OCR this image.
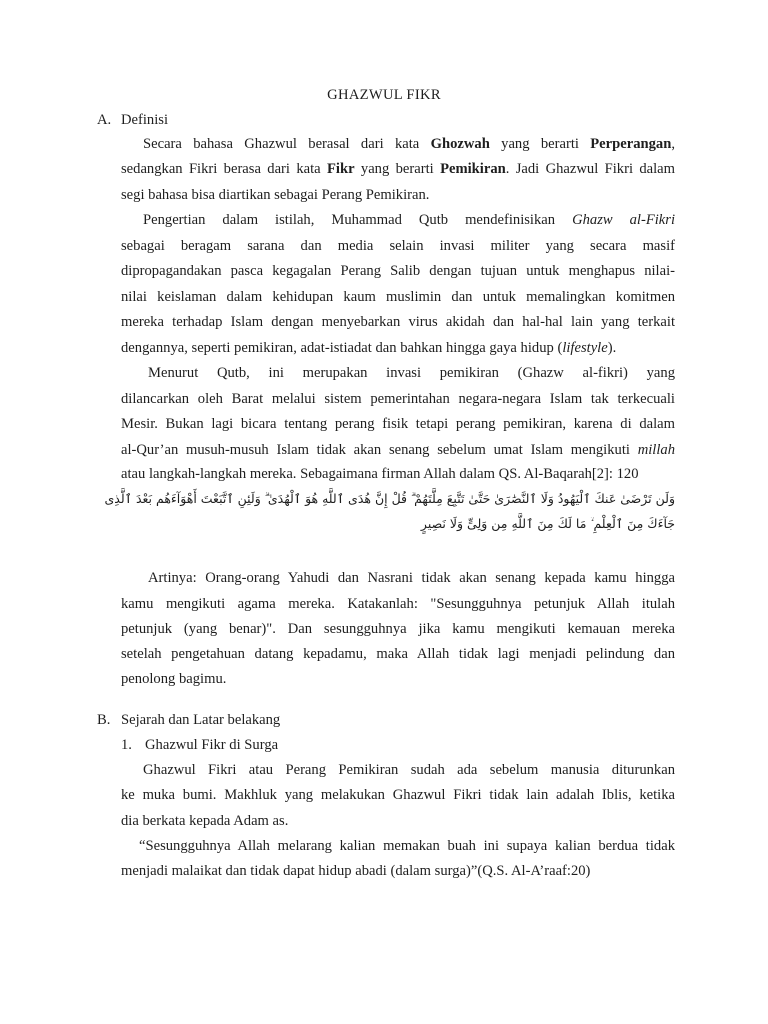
GHAZWUL FIKR
A. Definisi
Secara bahasa Ghazwul berasal dari kata Ghozwah yang berarti Perperangan,
sedangkan Fikri berasa dari kata Fikr yang berarti Pemikiran. Jadi Ghazwul Fikri dalam
segi bahasa bisa diartikan sebagai Perang Pemikiran.
Pengertian dalam istilah, Muhammad Qutb mendefinisikan Ghazw al-Fikri
sebagai beragam sarana dan media selain invasi militer yang secara masif
dipropagandakan pasca kegagalan Perang Salib dengan tujuan untuk menghapus nilai-
nilai keislaman dalam kehidupan kaum muslimin dan untuk memalingkan komitmen
mereka terhadap Islam dengan menyebarkan virus akidah dan hal-hal lain yang terkait
dengannya, seperti pemikiran, adat-istiadat dan bahkan hingga gaya hidup (lifestyle).
Menurut Qutb, ini merupakan invasi pemikiran (Ghazw al-fikri) yang
dilancarkan oleh Barat melalui sistem pemerintahan negara-negara Islam tak terkecuali
Mesir. Bukan lagi bicara tentang perang fisik tetapi perang pemikiran, karena di dalam
al-Qur’an musuh-musuh Islam tidak akan senang sebelum umat Islam mengikuti millah
atau langkah-langkah mereka. Sebagaimana firman Allah dalam QS. Al-Baqarah[2]: 120
وَلَن تَرْضَىٰ عَنكَ ٱلْيَهُودُ وَلَا ٱلنَّصَٰرَىٰ حَتَّىٰ تَتَّبِعَ مِلَّتَهُمْ ۗ قُلْ إِنَّ هُدَى ٱللَّهِ هُوَ ٱلْهُدَىٰ ۗ وَلَئِنِ ٱتَّبَعْتَ أَهْوَآءَهُم بَعْدَ ٱلَّذِى
جَآءَكَ مِنَ ٱلْعِلْمِ ۙ مَا لَكَ مِنَ ٱللَّهِ مِن وَلِىٍّ وَلَا نَصِيرٍ
Artinya: Orang-orang Yahudi dan Nasrani tidak akan senang kepada kamu hingga
kamu mengikuti agama mereka. Katakanlah: "Sesungguhnya petunjuk Allah itulah
petunjuk (yang benar)". Dan sesungguhnya jika kamu mengikuti kemauan mereka
setelah pengetahuan datang kepadamu, maka Allah tidak lagi menjadi pelindung dan
penolong bagimu.
B. Sejarah dan Latar belakang
1. Ghazwul Fikr di Surga
Ghazwul Fikri atau Perang Pemikiran sudah ada sebelum manusia diturunkan
ke muka bumi. Makhluk yang melakukan Ghazwul Fikri tidak lain adalah Iblis, ketika
dia berkata kepada Adam as.
“Sesungguhnya Allah melarang kalian memakan buah ini supaya kalian berdua tidak
menjadi malaikat dan tidak dapat hidup abadi (dalam surga)”(Q.S. Al-A’raaf:20)
